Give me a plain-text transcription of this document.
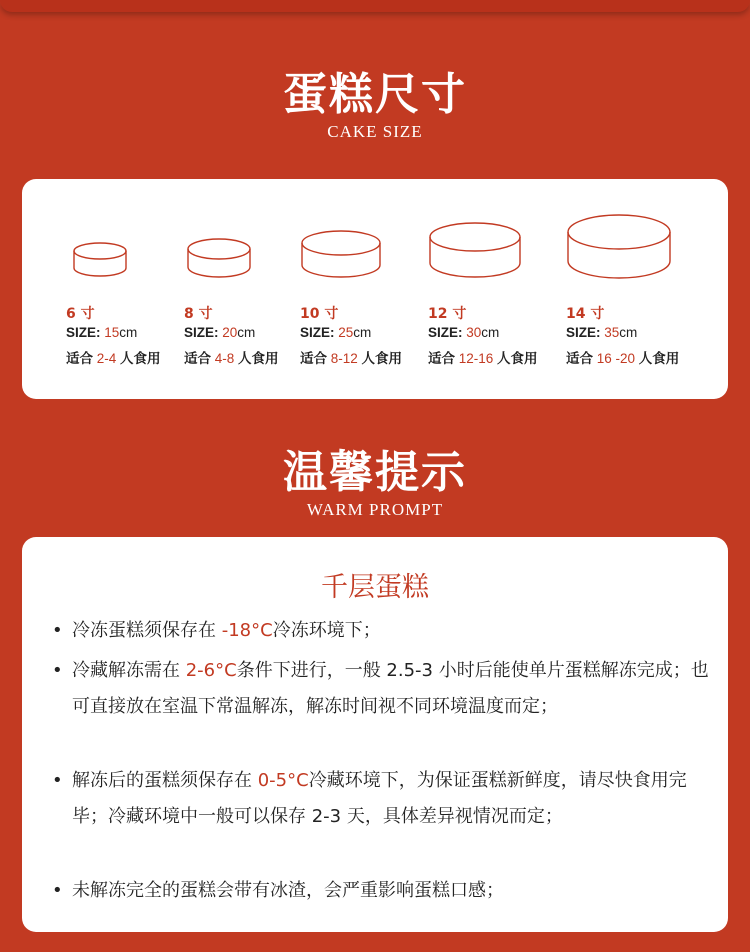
蛋糕尺寸
CAKE SIZE
6 寸
SIZE: 15cm
适合 2-4 人食用
8 寸
SIZE: 20cm
适合 4-8 人食用
10 寸
SIZE: 25cm
适合 8-12 人食用
12 寸
SIZE: 30cm
适合 12-16 人食用
14 寸
SIZE: 35cm
适合 16 -20 人食用
温馨提示
WARM PROMPT
千层蛋糕
• 冷冻蛋糕须保存在 -18°C冷冻环境下；
• 冷藏解冻需在 2-6°C条件下进行，一般 2.5-3 小时后能使单片蛋糕解冻完成；也可直接放在室温下常温解冻，解冻时间视不同环境温度而定；
• 解冻后的蛋糕须保存在 0-5°C冷藏环境下，为保证蛋糕新鲜度，请尽快食用完毕；冷藏环境中一般可以保存 2-3 天，具体差异视情况而定；
• 未解冻完全的蛋糕会带有冰渣，会严重影响蛋糕口感；
